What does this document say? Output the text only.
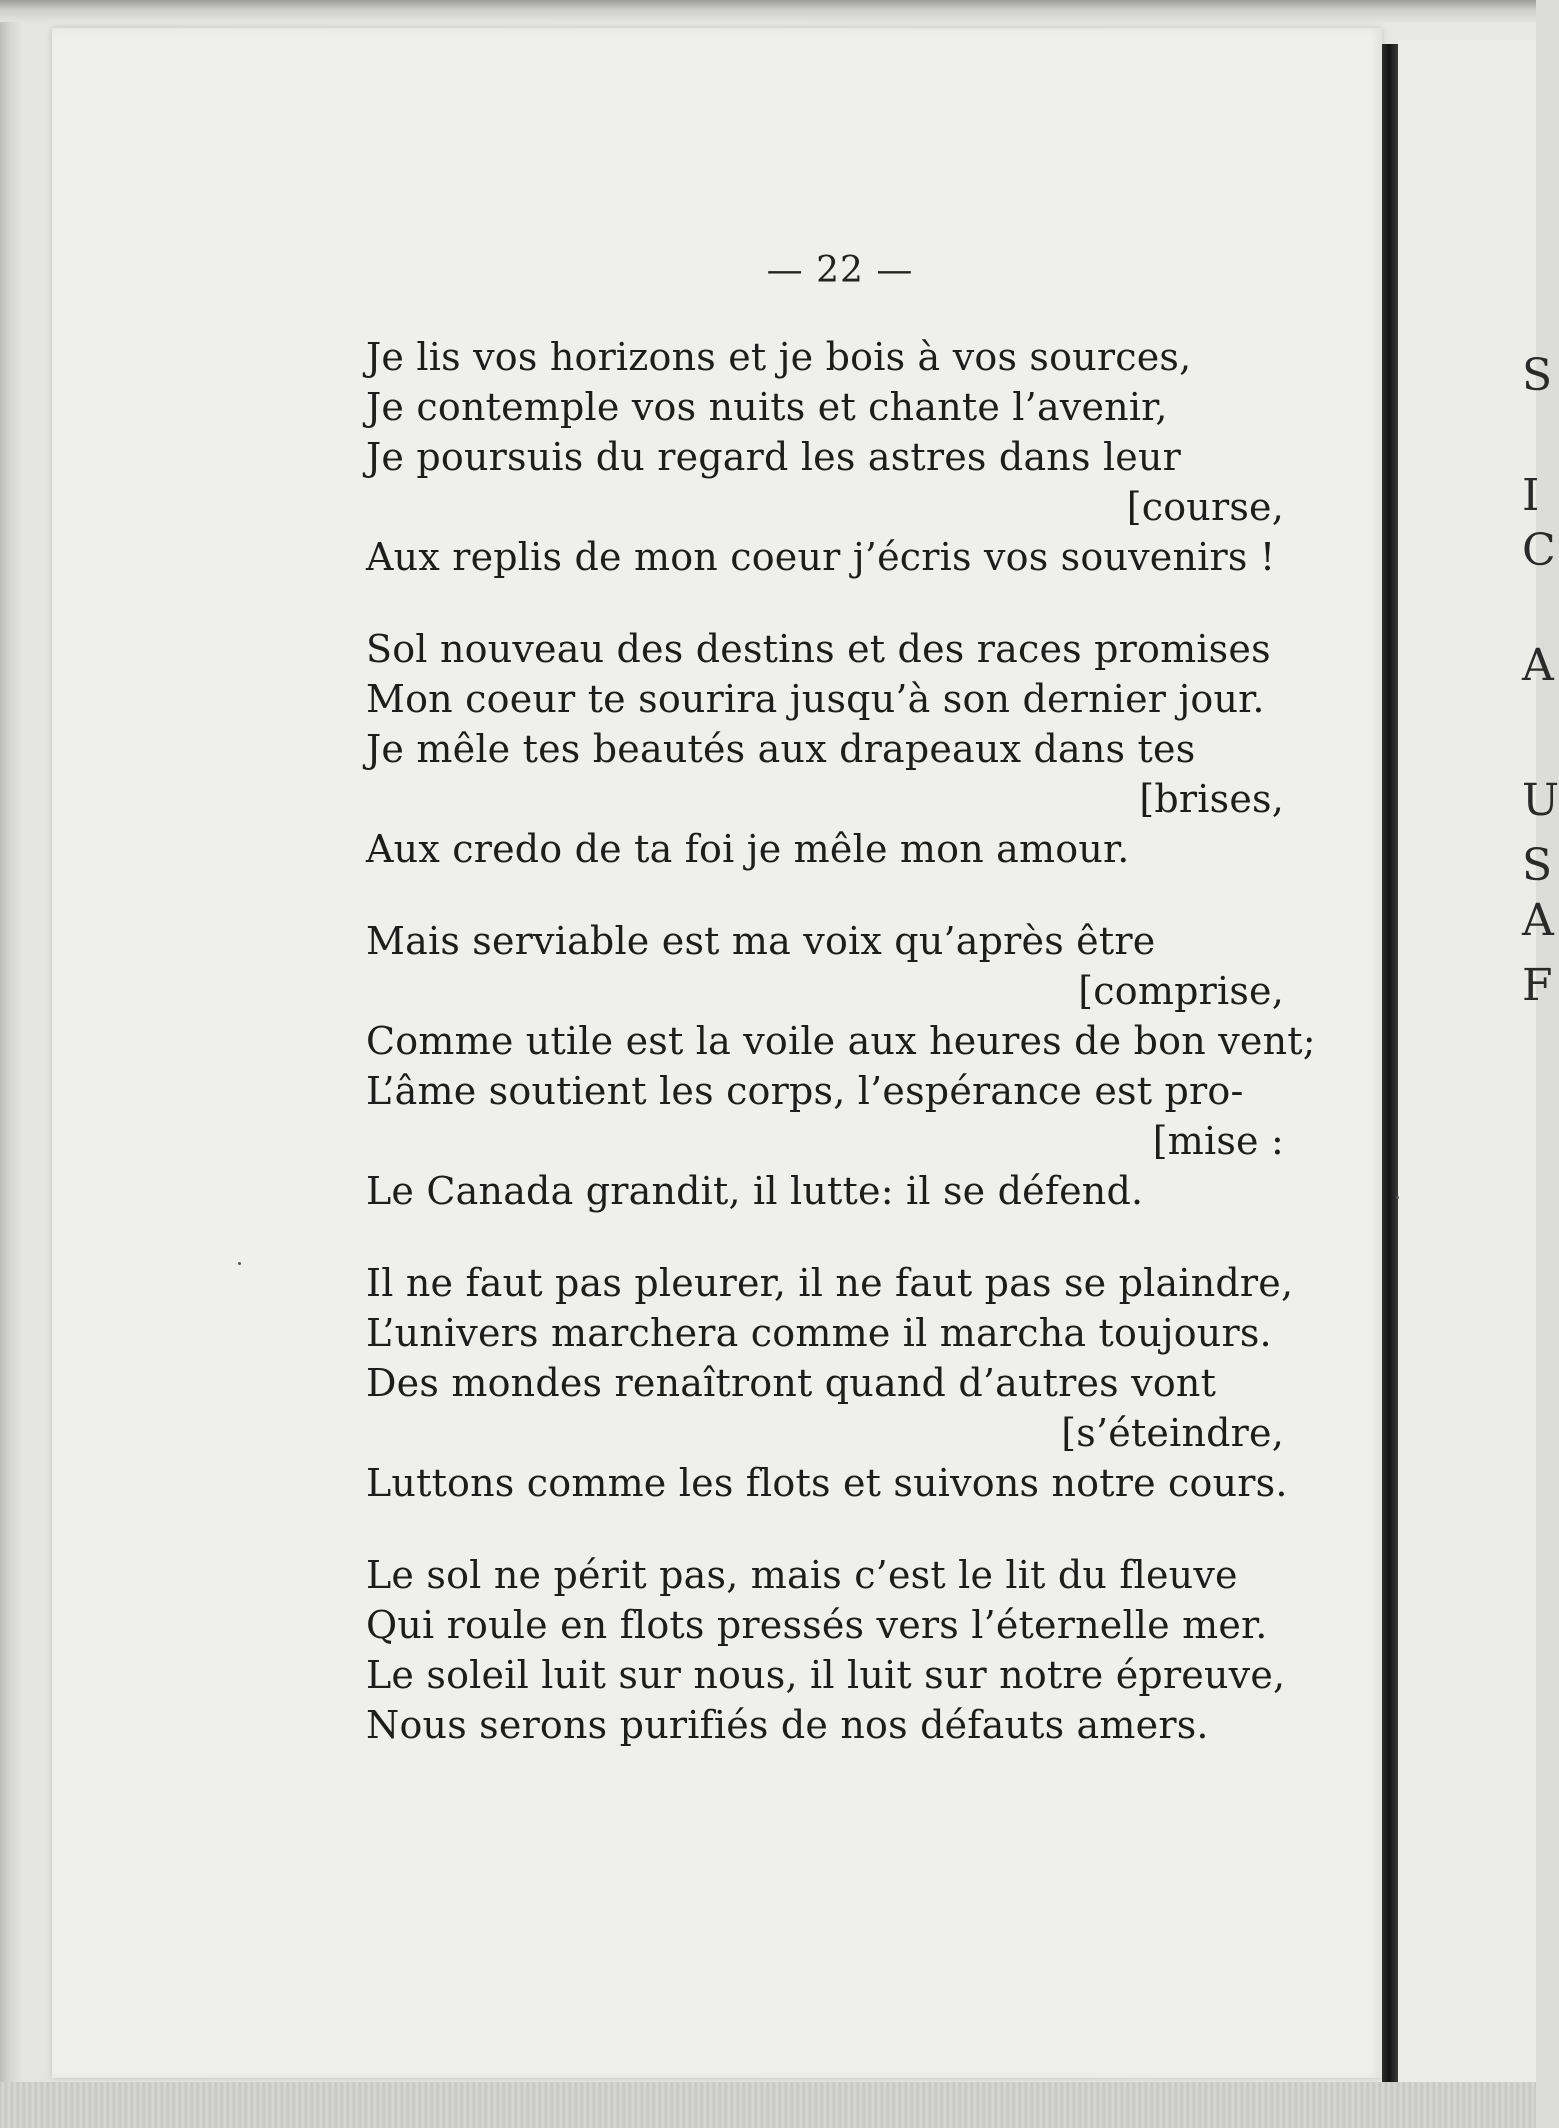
S
I
C
A
U
S
A
F
— 22 —
Je lis vos horizons et je bois à vos sources,
Je contemple vos nuits et chante l’avenir,
Je poursuis du regard les astres dans leur
[course,
Aux replis de mon coeur j’écris vos souvenirs !
Sol nouveau des destins et des races promises
Mon coeur te sourira jusqu’à son dernier jour.
Je mêle tes beautés aux drapeaux dans tes
[brises,
Aux credo de ta foi je mêle mon amour.
Mais serviable est ma voix qu’après être
[comprise,
Comme utile est la voile aux heures de bon vent;
L’âme soutient les corps, l’espérance est pro-
[mise :
Le Canada grandit, il lutte: il se défend.
Il ne faut pas pleurer, il ne faut pas se plaindre,
L’univers marchera comme il marcha toujours.
Des mondes renaîtront quand d’autres vont
[s’éteindre,
Luttons comme les flots et suivons notre cours.
Le sol ne périt pas, mais c’est le lit du fleuve
Qui roule en flots pressés vers l’éternelle mer.
Le soleil luit sur nous, il luit sur notre épreuve,
Nous serons purifiés de nos défauts amers.
